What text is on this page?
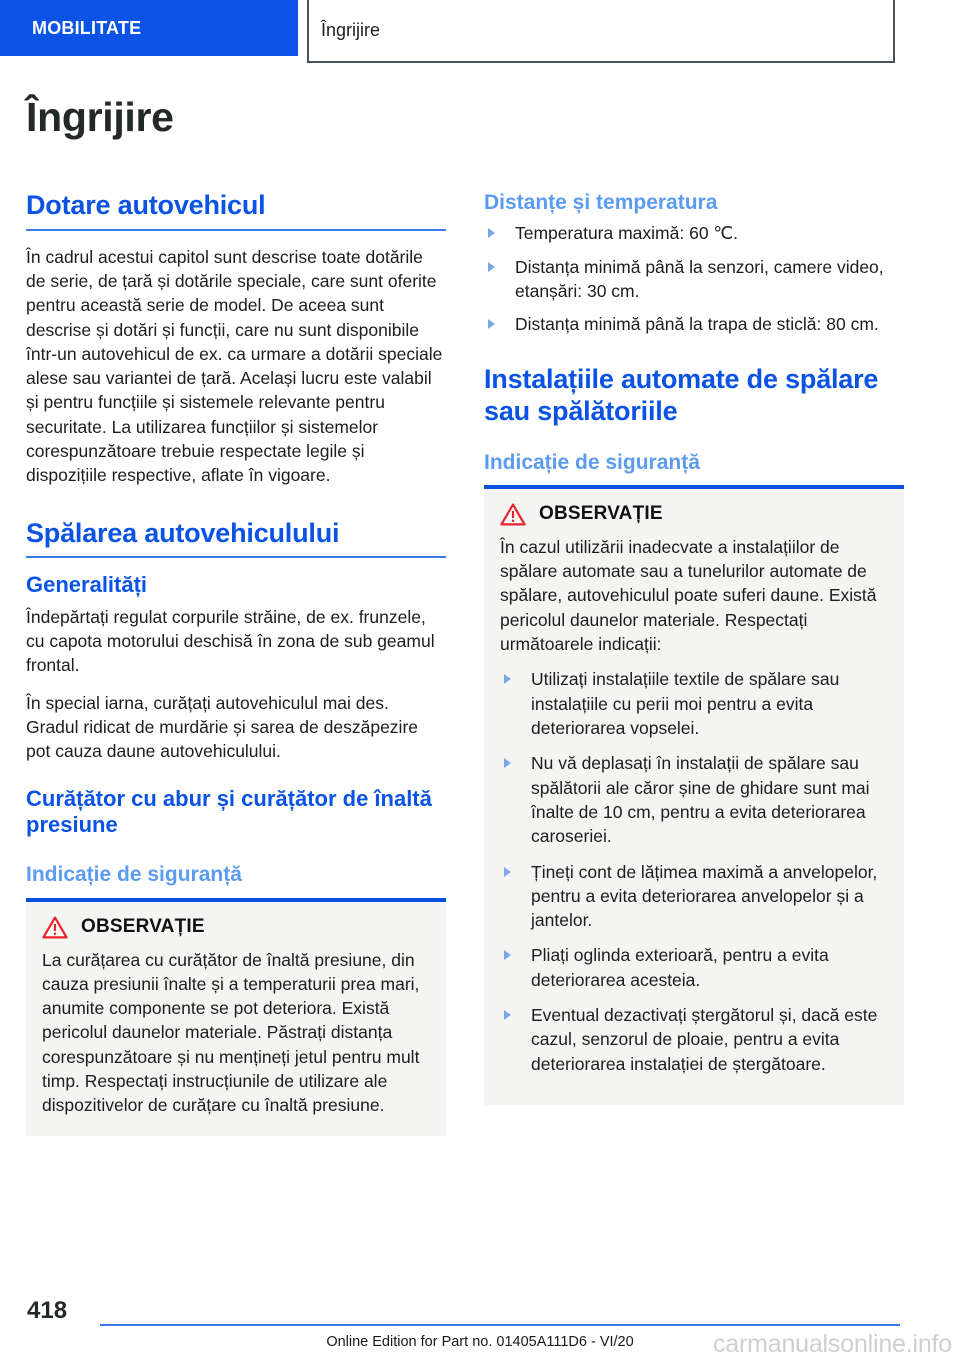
MOBILITATE	Îngrijire
Îngrijire
Dotare autovehicul

În cadrul acestui capitol sunt descrise toate dotările de serie, de țară și dotările speciale, care sunt oferite pentru această serie de model. De aceea sunt descrise și dotări și funcții, care nu sunt disponibile într-un autovehicul de ex. ca urmare a dotării speciale alese sau variantei de țară. Același lucru este valabil și pentru funcțiile și sistemele relevante pentru securitate. La utilizarea funcțiilor și sistemelor corespunzătoare trebuie respectate legile și dispozițiile respective, aflate în vigoare.

Spălarea autovehiculului
Generalități

Îndepărtați regulat corpurile străine, de ex. frunzele, cu capota motorului deschisă în zona de sub geamul frontal.

În special iarna, curățați autovehiculul mai des. Gradul ridicat de murdărie și sarea de deszăpezire pot cauza daune autovehiculului.

Curățător cu abur și curățător de înaltă presiune
Indicație de siguranță
OBSERVAȚIE

La curățarea cu curățător de înaltă presiune, din cauza presiunii înalte și a temperaturii prea mari, anumite componente se pot deteriora. Există pericolul daunelor materiale. Păstrați distanța corespunzătoare și nu mențineți jetul pentru mult timp. Respectați instrucțiunile de utilizare ale dispozitivelor de curățare cu înaltă presiune.

Distanțe și temperatura
Temperatura maximă: 60 ℃.
Distanța minimă până la senzori, camere video, etanșări: 30 cm.
Distanța minimă până la trapa de sticlă: 80 cm.
Instalațiile automate de spălare sau spălătoriile
Indicație de siguranță
OBSERVAȚIE

În cazul utilizării inadecvate a instalațiilor de spălare automate sau a tunelurilor automate de spălare, autovehiculul poate suferi daune. Există pericolul daunelor materiale. Respectați următoarele indicații:

Utilizați instalațiile textile de spălare sau instalațiile cu perii moi pentru a evita deteriorarea vopselei.
Nu vă deplasați în instalații de spălare sau spălătorii ale căror șine de ghidare sunt mai înalte de 10 cm, pentru a evita deteriorarea caroseriei.
Țineți cont de lățimea maximă a anvelopelor, pentru a evita deteriorarea anvelopelor și a jantelor.
Pliați oglinda exterioară, pentru a evita deteriorarea acesteia.
Eventual dezactivați ștergătorul și, dacă este cazul, senzorul de ploaie, pentru a evita deteriorarea instalației de ștergătoare.
418
Online Edition for Part no. 01405A111D6 - VI/20	carmanualsonline.info
